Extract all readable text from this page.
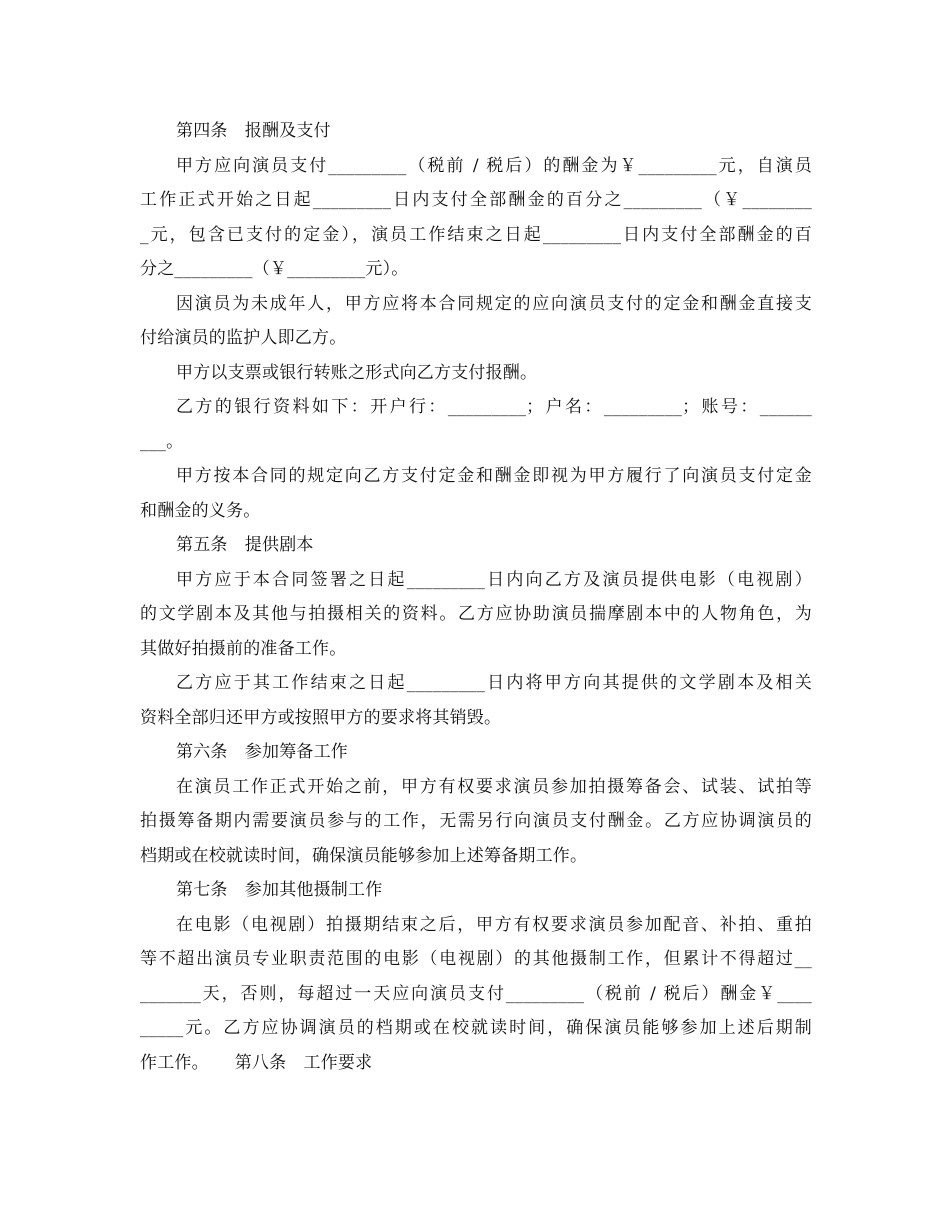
第四条　报酬及支付
甲方应向演员支付_________（税前 / 税后）的酬金为￥_________元，自演员
工作正式开始之日起_________日内支付全部酬金的百分之_________（￥________
_元，包含已支付的定金），演员工作结束之日起_________日内支付全部酬金的百
分之_________（￥_________元）。
因演员为未成年人，甲方应将本合同规定的应向演员支付的定金和酬金直接支
付给演员的监护人即乙方。
甲方以支票或银行转账之形式向乙方支付报酬。
乙方的银行资料如下：开户行：_________；户名：_________；账号：______
___。
甲方按本合同的规定向乙方支付定金和酬金即视为甲方履行了向演员支付定金
和酬金的义务。
第五条　提供剧本
甲方应于本合同签署之日起_________日内向乙方及演员提供电影（电视剧）
的文学剧本及其他与拍摄相关的资料。乙方应协助演员揣摩剧本中的人物角色，为
其做好拍摄前的准备工作。
乙方应于其工作结束之日起_________日内将甲方向其提供的文学剧本及相关
资料全部归还甲方或按照甲方的要求将其销毁。
第六条　参加筹备工作
在演员工作正式开始之前，甲方有权要求演员参加拍摄筹备会、试装、试拍等
拍摄筹备期内需要演员参与的工作，无需另行向演员支付酬金。乙方应协调演员的
档期或在校就读时间，确保演员能够参加上述筹备期工作。
第七条　参加其他摄制工作
在电影（电视剧）拍摄期结束之后，甲方有权要求演员参加配音、补拍、重拍
等不超出演员专业职责范围的电影（电视剧）的其他摄制工作，但累计不得超过__
_______天，否则，每超过一天应向演员支付_________（税前 / 税后）酬金￥____
_____元。乙方应协调演员的档期或在校就读时间，确保演员能够参加上述后期制
作工作。　　第八条　工作要求
